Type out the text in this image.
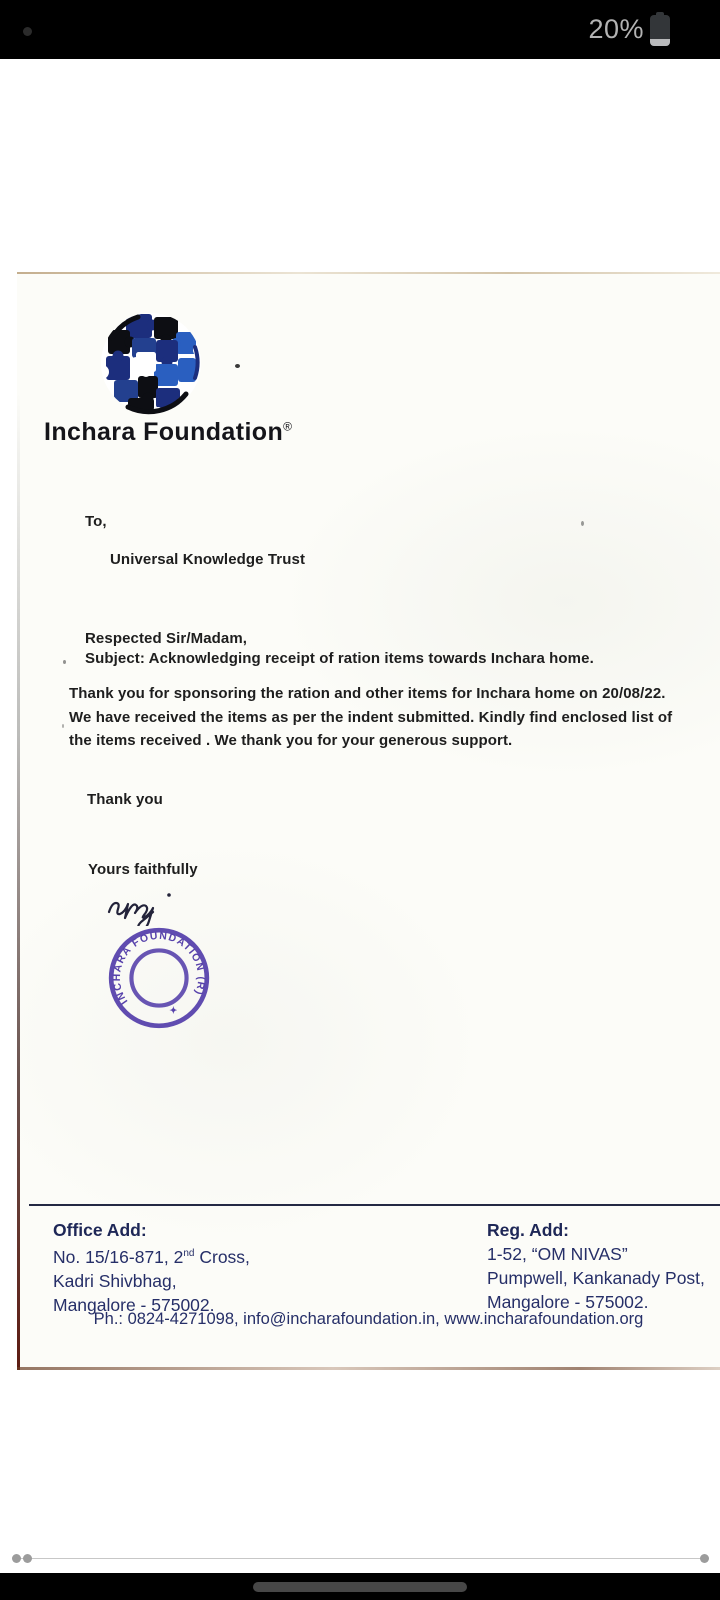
20%
Inchara Foundation®
To,
Universal Knowledge Trust
Respected Sir/Madam,
Subject: Acknowledging receipt of ration items towards Inchara home.
Thank you for sponsoring the ration and other items for Inchara home on 20/08/22. We have received the items as per the indent submitted. Kindly find enclosed list of the items received . We thank you for your generous support.
Thank you
Yours faithfully
INCHARA FOUNDATION (R)
✦
Office Add:
No. 15/16-871, 2nd Cross,
Kadri Shivbhag,
Mangalore - 575002.
Reg. Add:
1-52, “OM NIVAS”
Pumpwell, Kankanady Post,
Mangalore - 575002.
Ph.: 0824-4271098, info@incharafoundation.in, www.incharafoundation.org
